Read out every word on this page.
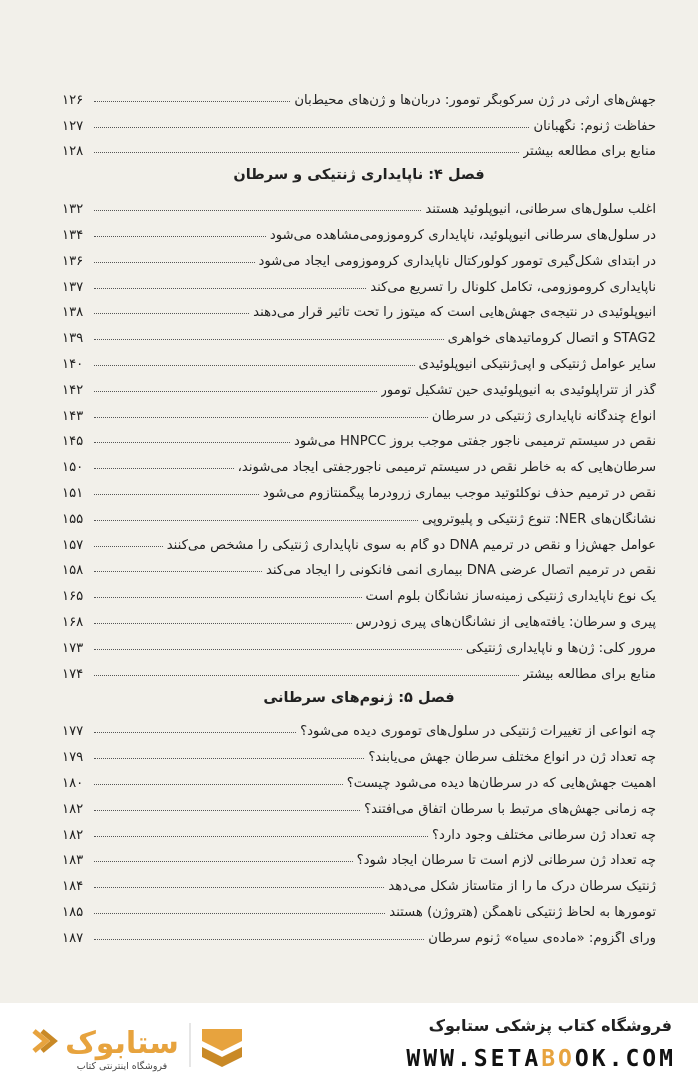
جهش‌های ارثی در ژن سرکوبگر تومور: دربان‌ها و ژن‌های محیط‌بان
۱۲۶
حفاظت ژنوم: نگهبانان
۱۲۷
منابع برای مطالعه بیشتر
۱۲۸
فصل ۴: ناپایداری ژنتیکی و سرطان
اغلب سلول‌های سرطانی، آنیوپلوئید هستند
۱۳۲
در سلول‌های سرطانی آنیوپلوئید، ناپایداری کروموزومی‌مشاهده می‌شود
۱۳۴
در ابتدای شکل‌گیری تومور کولورکتال ناپایداری کروموزومی ایجاد می‌شود
۱۳۶
ناپایداری کروموزومی، تکامل کلونال را تسریع می‌کند
۱۳۷
آنیوپلوئیدی در نتیجه‌ی جهش‌هایی است که میتوز را تحت تأثیر قرار می‌دهند
۱۳۸
STAG2 و اتصال کروماتیدهای خواهری
۱۳۹
سایر عوامل ژنتیکی و اپی‌ژنتیکی آنیوپلوئیدی
۱۴۰
گذر از تتراپلوئیدی به آنیوپلوئیدی حین تشکیل تومور
۱۴۲
انواع چندگانه ناپایداری ژنتیکی در سرطان
۱۴۳
نقص در سیستم ترمیمی ناجور جفتی موجب بروز HNPCC می‌شود
۱۴۵
سرطان‌هایی که به خاطر نقص در سیستم ترمیمی ناجورجفتی ایجاد می‌شوند،
۱۵۰
نقص در ترمیم حذف نوکلئوتید موجب بیماری زرودرما پیگمنتازوم می‌شود
۱۵۱
نشانگان‌های NER: تنوع ژنتیکی و پلیوتروپی
۱۵۵
عوامل جهش‌زا و نقص در ترمیم DNA دو گام به سوی ناپایداری ژنتیکی را مشخص می‌کنند
۱۵۷
نقص در ترمیم اتصال عرضی DNA بیماری آنمی فانکونی را ایجاد می‌کند
۱۵۸
یک نوع ناپایداری ژنتیکی زمینه‌ساز نشانگان بلوم است
۱۶۵
پیری و سرطان: یافته‌هایی از نشانگان‌های پیری زودرس
۱۶۸
مرور کلی: ژن‌ها و ناپایداری ژنتیکی
۱۷۳
منابع برای مطالعه بیشتر
۱۷۴
فصل ۵: ژنوم‌های سرطانی
چه انواعی از تغییرات ژنتیکی در سلول‌های توموری دیده می‌شود؟
۱۷۷
چه تعداد ژن در انواع مختلف سرطان جهش می‌یابند؟
۱۷۹
اهمیت جهش‌هایی که در سرطان‌ها دیده می‌شود چیست؟
۱۸۰
چه زمانی جهش‌های مرتبط با سرطان اتفاق می‌افتند؟
۱۸۲
چه تعداد ژن سرطانی مختلف وجود دارد؟
۱۸۲
چه تعداد ژن سرطانی لازم است تا سرطان ایجاد شود؟
۱۸۳
ژنتیک سرطان درک ما را از متاستاز شکل می‌دهد
۱۸۴
تومورها به لحاظ ژنتیکی ناهمگن (هتروژن) هستند
۱۸۵
ورای اگزوم: «ماده‌ی سیاه» ژنوم سرطان
۱۸۷
ستابوک
فروشگاه اینترنتی کتاب
فروشگاه کتاب پزشکی ستابوک
WWW.SETABOOK.COM
